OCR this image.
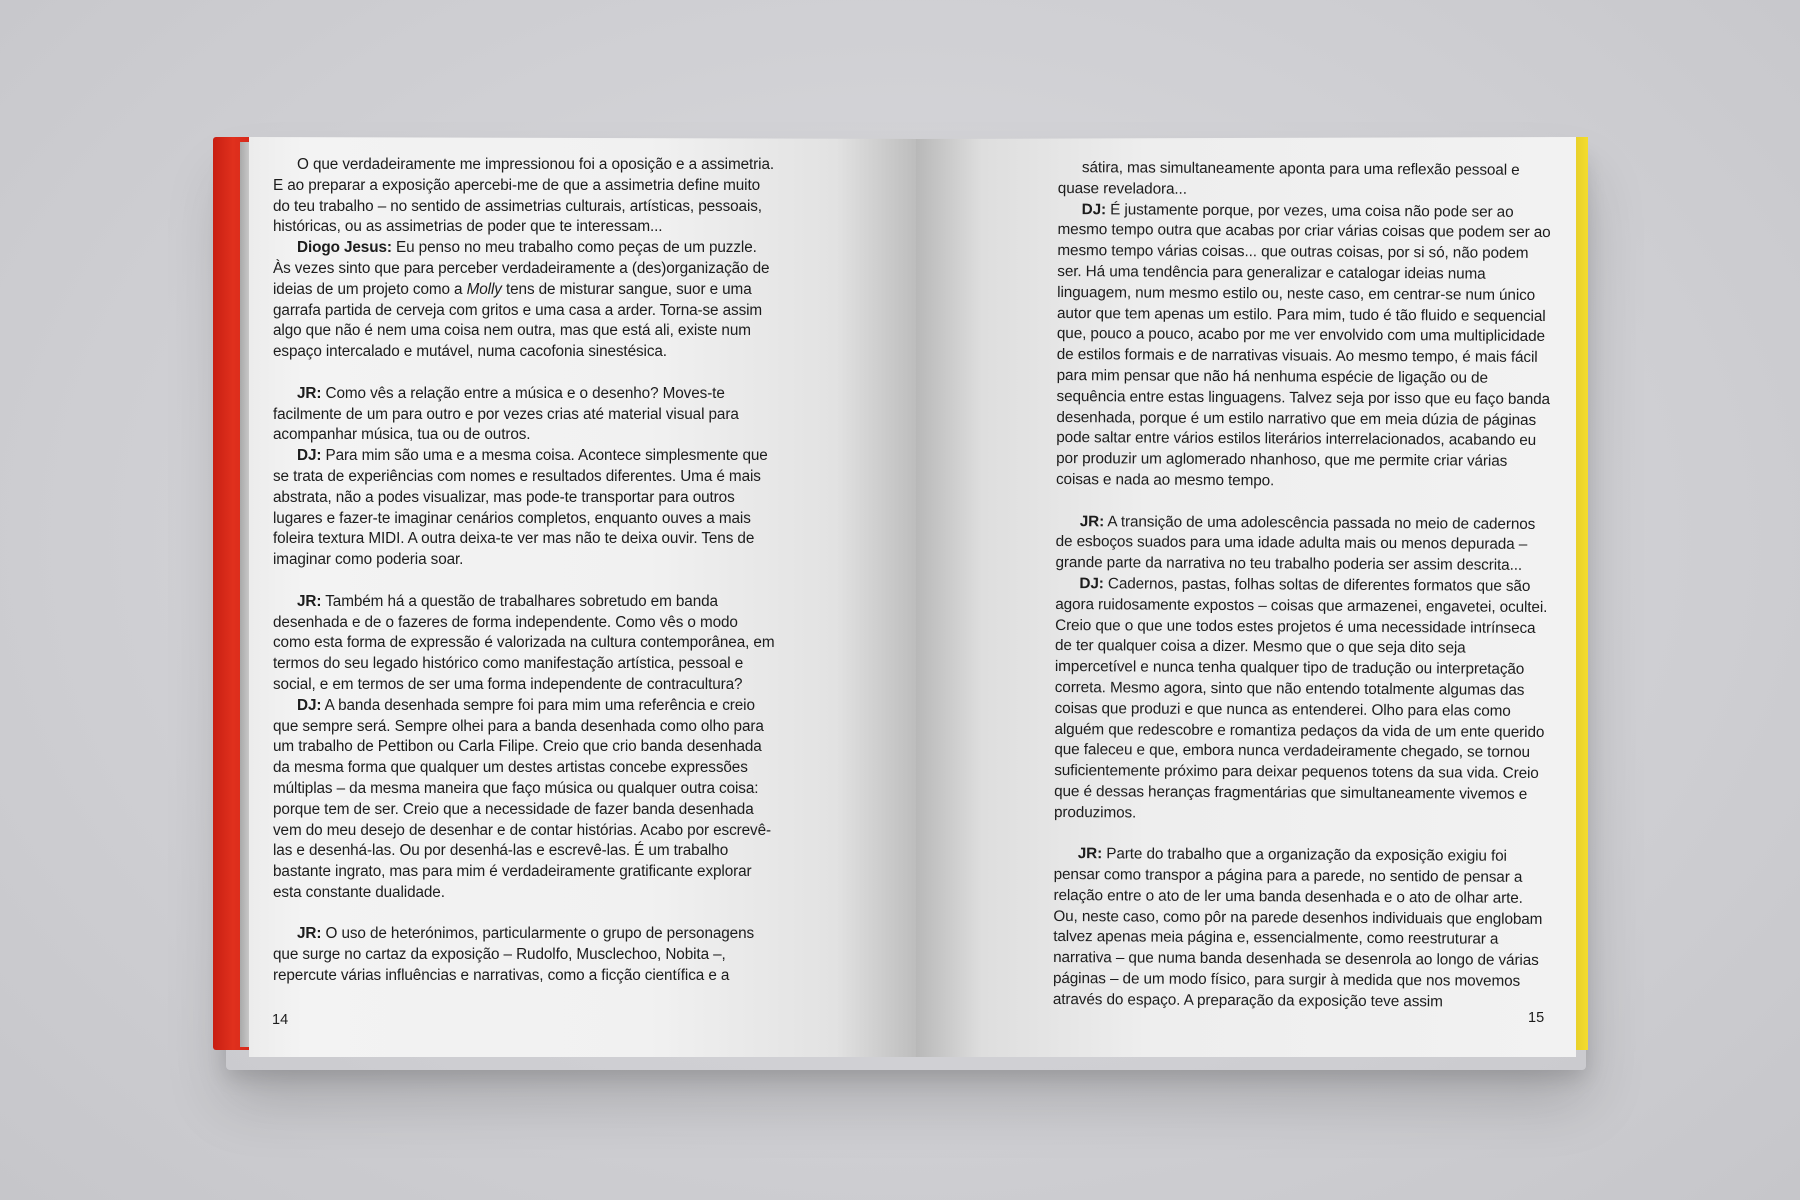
O que verdadeiramente me impressionou foi a oposição e a assimetria. E ao preparar a exposição apercebi-me de que a assimetria define muito do teu trabalho – no sentido de assimetrias culturais, artísticas, pessoais, históricas, ou as assimetrias de poder que te interessam...

Diogo Jesus: Eu penso no meu trabalho como peças de um puzzle.

Às vezes sinto que para perceber verdadeiramente a (des)organização de ideias de um projeto como a Molly tens de misturar sangue, suor e uma garrafa partida de cerveja com gritos e uma casa a arder. Torna-se assim algo que não é nem uma coisa nem outra, mas que está ali, existe num espaço intercalado e mutável, numa cacofonia sinestésica.

JR: Como vês a relação entre a música e o desenho? Moves-te facilmente de um para outro e por vezes crias até material visual para acompanhar música, tua ou de outros.

DJ: Para mim são uma e a mesma coisa. Acontece simplesmente que se trata de experiências com nomes e resultados diferentes. Uma é mais abstrata, não a podes visualizar, mas pode-te transportar para outros lugares e fazer-te imaginar cenários completos, enquanto ouves a mais foleira textura MIDI. A outra deixa-te ver mas não te deixa ouvir. Tens de imaginar como poderia soar.

JR: Também há a questão de trabalhares sobretudo em banda desenhada e de o fazeres de forma independente. Como vês o modo como esta forma de expressão é valorizada na cultura contemporânea, em termos do seu legado histórico como manifestação artística, pessoal e social, e em termos de ser uma forma independente de contracultura?

DJ: A banda desenhada sempre foi para mim uma referência e creio que sempre será. Sempre olhei para a banda desenhada como olho para um trabalho de Pettibon ou Carla Filipe. Creio que crio banda desenhada da mesma forma que qualquer um destes artistas concebe expressões múltiplas – da mesma maneira que faço música ou qualquer outra coisa: porque tem de ser. Creio que a necessidade de fazer banda desenhada vem do meu desejo de desenhar e de contar histórias. Acabo por escrevê-las e desenhá-las. Ou por desenhá-las e escrevê-las. É um trabalho bastante ingrato, mas para mim é verdadeiramente gratificante explorar esta constante dualidade.

JR: O uso de heterónimos, particularmente o grupo de personagens que surge no cartaz da exposição – Rudolfo, Musclechoo, Nobita –, repercute várias influências e narrativas, como a ficção científica e a

14

sátira, mas simultaneamente aponta para uma reflexão pessoal e quase reveladora...

DJ: É justamente porque, por vezes, uma coisa não pode ser ao mesmo tempo outra que acabas por criar várias coisas que podem ser ao mesmo tempo várias coisas... que outras coisas, por si só, não podem ser. Há uma tendência para generalizar e catalogar ideias numa linguagem, num mesmo estilo ou, neste caso, em centrar-se num único autor que tem apenas um estilo. Para mim, tudo é tão fluido e sequencial que, pouco a pouco, acabo por me ver envolvido com uma multiplicidade de estilos formais e de narrativas visuais. Ao mesmo tempo, é mais fácil para mim pensar que não há nenhuma espécie de ligação ou de sequência entre estas linguagens. Talvez seja por isso que eu faço banda desenhada, porque é um estilo narrativo que em meia dúzia de páginas pode saltar entre vários estilos literários interrelacionados, acabando eu por produzir um aglomerado nhanhoso, que me permite criar várias coisas e nada ao mesmo tempo.

JR: A transição de uma adolescência passada no meio de cadernos de esboços suados para uma idade adulta mais ou menos depurada – grande parte da narrativa no teu trabalho poderia ser assim descrita...

DJ: Cadernos, pastas, folhas soltas de diferentes formatos que são agora ruidosamente expostos – coisas que armazenei, engavetei, ocultei. Creio que o que une todos estes projetos é uma necessidade intrínseca de ter qualquer coisa a dizer. Mesmo que o que seja dito seja impercetível e nunca tenha qualquer tipo de tradução ou interpretação correta. Mesmo agora, sinto que não entendo totalmente algumas das coisas que produzi e que nunca as entenderei. Olho para elas como alguém que redescobre e romantiza pedaços da vida de um ente querido que faleceu e que, embora nunca verdadeiramente chegado, se tornou suficientemente próximo para deixar pequenos totens da sua vida. Creio que é dessas heranças fragmentárias que simultaneamente vivemos e produzimos.

JR: Parte do trabalho que a organização da exposição exigiu foi pensar como transpor a página para a parede, no sentido de pensar a relação entre o ato de ler uma banda desenhada e o ato de olhar arte. Ou, neste caso, como pôr na parede desenhos individuais que englobam talvez apenas meia página e, essencialmente, como reestruturar a narrativa – que numa banda desenhada se desenrola ao longo de várias páginas – de um modo físico, para surgir à medida que nos movemos através do espaço. A preparação da exposição teve assim

15
